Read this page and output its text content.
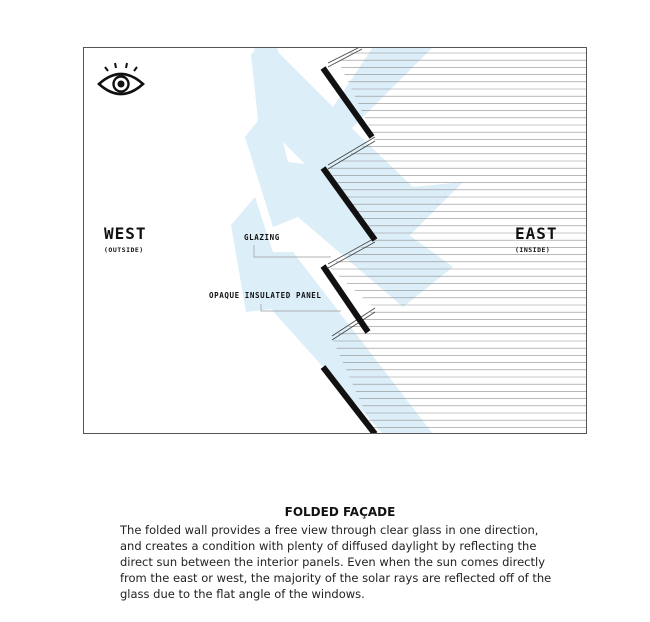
WEST

(OUTSIDE)

EAST

(INSIDE)

GLAZING

OPAQUE INSULATED PANEL

FOLDED FAÇADE

The folded wall provides a free view through clear glass in one direction, and creates a condition with plenty of diffused daylight by reflecting the direct sun between the interior panels. Even when the sun comes directly from the east or west, the majority of the solar rays are reflected off of the glass due to the flat angle of the windows.
